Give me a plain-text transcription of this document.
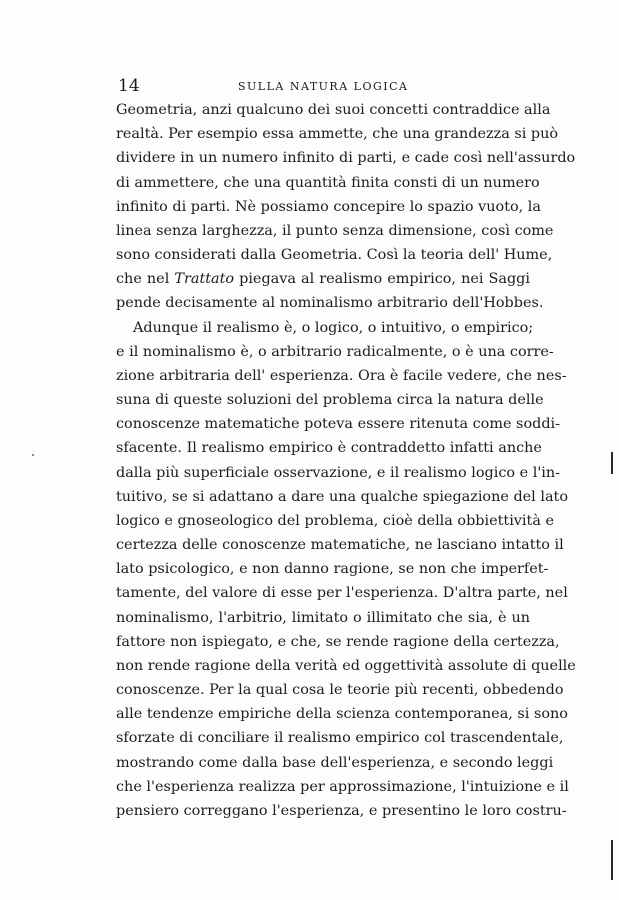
14	SULLA NATURA LOGICA
Geometria, anzi qualcuno dei suoi concetti contraddice alla
realtà. Per esempio essa ammette, che una grandezza si può
dividere in un numero infinito di parti, e cade così nell'assurdo
di ammettere, che una quantità finita consti di un numero
infinito di parti. Nè possiamo concepire lo spazio vuoto, la
linea senza larghezza, il punto senza dimensione, così come
sono considerati dalla Geometria. Così la teoria dell' Hume,
che nel Trattato piegava al realismo empirico, nei Saggi
pende decisamente al nominalismo arbitrario dell'Hobbes.
Adunque il realismo è, o logico, o intuitivo, o empirico;
e il nominalismo è, o arbitrario radicalmente, o è una corre-
zione arbitraria dell' esperienza. Ora è facile vedere, che nes-
suna di queste soluzioni del problema circa la natura delle
conoscenze matematiche poteva essere ritenuta come soddi-
sfacente. Il realismo empirico è contraddetto infatti anche
dalla più superficiale osservazione, e il realismo logico e l'in-
tuitivo, se si adattano a dare una qualche spiegazione del lato
logico e gnoseologico del problema, cioè della obbiettività e
certezza delle conoscenze matematiche, ne lasciano intatto il
lato psicologico, e non danno ragione, se non che imperfet-
tamente, del valore di esse per l'esperienza. D'altra parte, nel
nominalismo, l'arbitrio, limitato o illimitato che sia, è un
fattore non ispiegato, e che, se rende ragione della certezza,
non rende ragione della verità ed oggettività assolute di quelle
conoscenze. Per la qual cosa le teorie più recenti, obbedendo
alle tendenze empiriche della scienza contemporanea, si sono
sforzate di conciliare il realismo empirico col trascendentale,
mostrando come dalla base dell'esperienza, e secondo leggi
che l'esperienza realizza per approssimazione, l'intuizione e il
pensiero correggano l'esperienza, e presentino le loro costru-
